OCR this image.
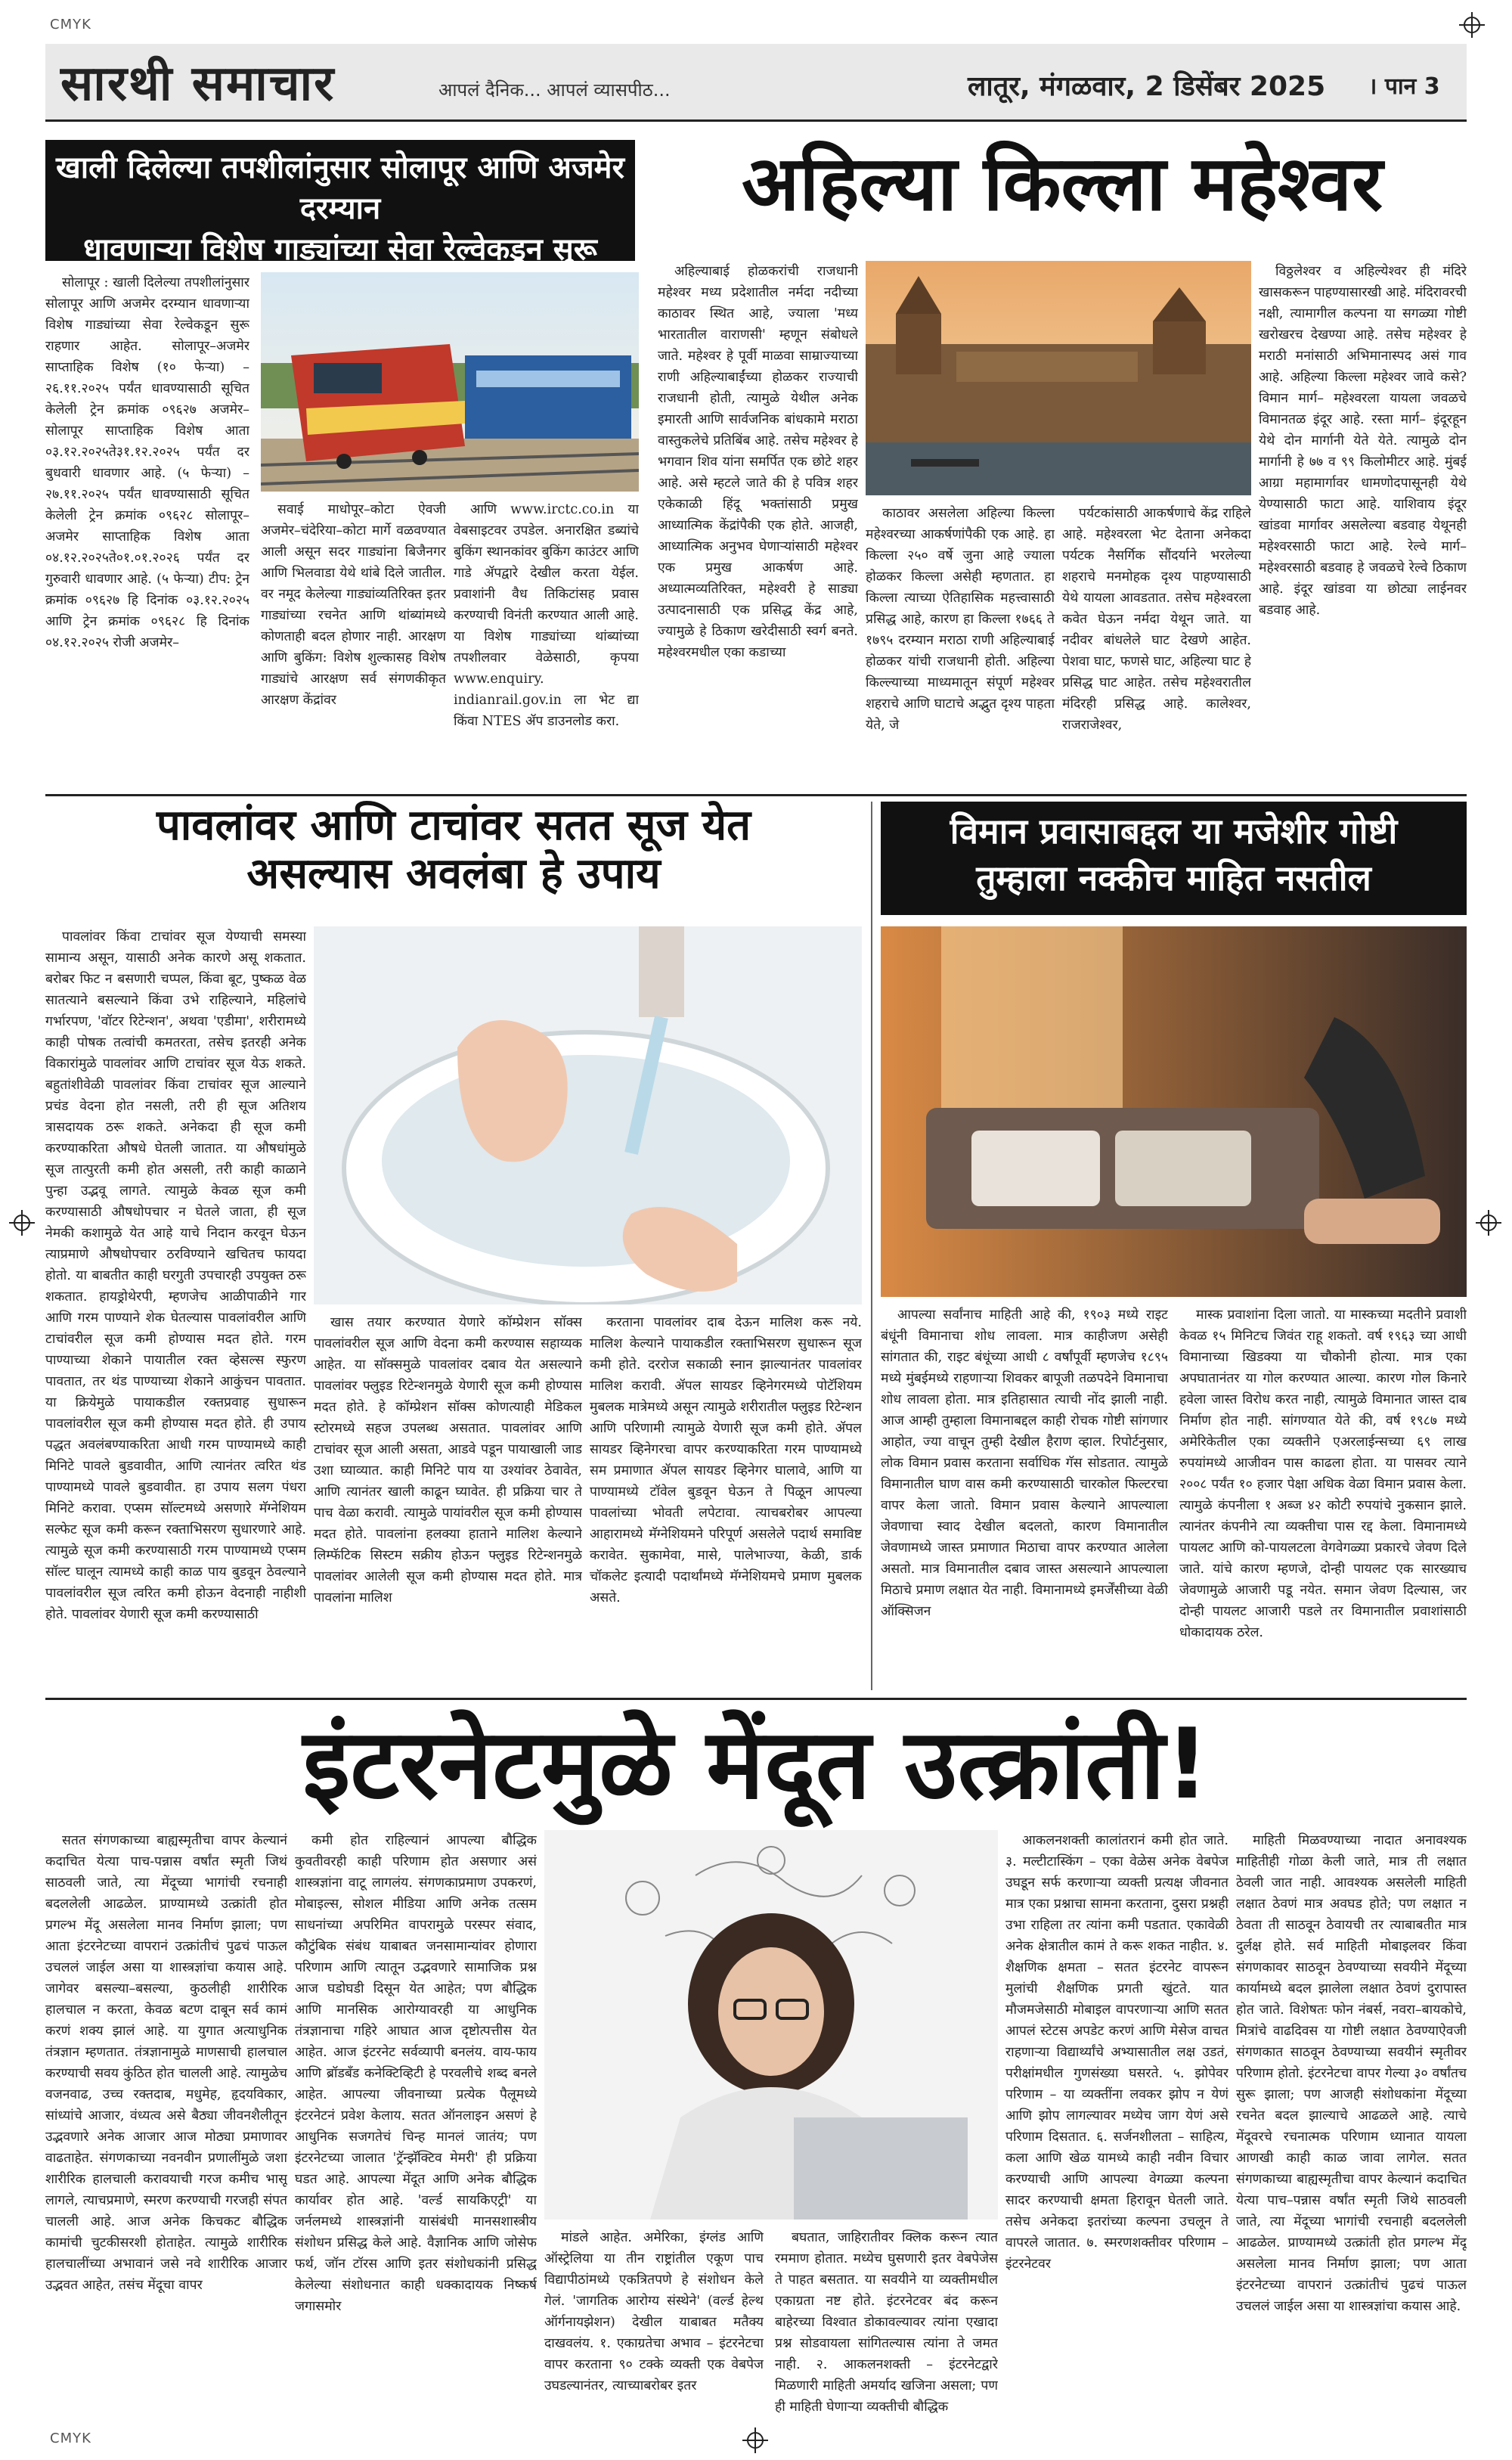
CMYK
CMYK
सारथी समाचार	आपलं दैनिक... आपलं व्यासपीठ...	लातूर, मंगळवार, 2 डिसेंबर 2025 । पान 3
खाली दिलेल्या तपशीलांनुसार सोलापूर आणि अजमेर दरम्यान
धावणाऱ्या विशेष गाड्यांच्या सेवा रेल्वेकडून सुरू

सोलापूर : खाली दिलेल्या तपशीलांनुसार सोलापूर आणि अजमेर दरम्यान धावणाऱ्या विशेष गाड्यांच्या सेवा रेल्वेकडून सुरू राहणार आहेत. सोलापूर–अजमेर साप्ताहिक विशेष (१० फेऱ्या) – २६.११.२०२५ पर्यंत धावण्यासाठी सूचित केलेली ट्रेन क्रमांक ०९६२७ अजमेर–सोलापूर साप्ताहिक विशेष आता ०३.१२.२०२५ते३१.१२.२०२५ पर्यंत दर बुधवारी धावणार आहे. (५ फेऱ्या) – २७.११.२०२५ पर्यंत धावण्यासाठी सूचित केलेली ट्रेन क्रमांक ०९६२८ सोलापूर–अजमेर साप्ताहिक विशेष आता ०४.१२.२०२५ते०१.०१.२०२६ पर्यंत दर गुरुवारी धावणार आहे. (५ फेऱ्या) टीप: ट्रेन क्रमांक ०९६२७ हि दिनांक ०३.१२.२०२५ आणि ट्रेन क्रमांक ०९६२८ हि दिनांक ०४.१२.२०२५ रोजी अजमेर–

सवाई माधोपूर–कोटा ऐवजी अजमेर–चंदेरिया–कोटा मार्गे वळवण्यात आली असून सदर गाड्यांना बिजैनगर आणि भिलवाडा येथे थांबे दिले जातील. वर नमूद केलेल्या गाड्यांव्यतिरिक्त इतर गाड्यांच्या रचनेत आणि थांब्यांमध्ये कोणताही बदल होणार नाही. आरक्षण आणि बुकिंग: विशेष शुल्कासह विशेष गाड्यांचे आरक्षण सर्व संगणकीकृत आरक्षण केंद्रांवर

आणि www.irctc.co.in या वेबसाइटवर उपडेल. अनारक्षित डब्यांचे बुकिंग स्थानकांवर बुकिंग काउंटर आणि गाडे ॲपद्वारे देखील करता येईल. प्रवाशांनी वैध तिकिटांसह प्रवास करण्याची विनंती करण्यात आली आहे. या विशेष गाड्यांच्या थांब्यांच्या तपशीलवार वेळेसाठी, कृपया www.enquiry. indianrail.gov.in ला भेट द्या किंवा NTES ॲप डाउनलोड करा.

अहिल्या किल्ला महेश्वर

अहिल्याबाई होळकरांची राजधानी महेश्वर मध्य प्रदेशातील नर्मदा नदीच्या काठावर स्थित आहे, ज्याला 'मध्य भारतातील वाराणसी' म्हणून संबोधले जाते. महेश्वर हे पूर्वी माळवा साम्राज्याच्या राणी अहिल्याबाईंच्या होळकर राज्याची राजधानी होती, त्यामुळे येथील अनेक इमारती आणि सार्वजनिक बांधकामे मराठा वास्तुकलेचे प्रतिबिंब आहे. तसेच महेश्वर हे भगवान शिव यांना समर्पित एक छोटे शहर आहे. असे म्हटले जाते की हे पवित्र शहर एकेकाळी हिंदू भक्तांसाठी प्रमुख आध्यात्मिक केंद्रांपैकी एक होते. आजही, आध्यात्मिक अनुभव घेणाऱ्यांसाठी महेश्वर एक प्रमुख आकर्षण आहे. अध्यात्मव्यतिरिक्त, महेश्वरी हे साड्या उत्पादनासाठी एक प्रसिद्ध केंद्र आहे, ज्यामुळे हे ठिकाण खरेदीसाठी स्वर्ग बनते. महेश्वरमधील एका कडाच्या

काठावर असलेला अहिल्या किल्ला महेश्वरच्या आकर्षणांपैकी एक आहे. हा किल्ला २५० वर्षे जुना आहे ज्याला होळकर किल्ला असेही म्हणतात. हा किल्ला त्याच्या ऐतिहासिक महत्त्वासाठी प्रसिद्ध आहे, कारण हा किल्ला १७६६ ते १७९५ दरम्यान मराठा राणी अहिल्याबाई होळकर यांची राजधानी होती. अहिल्या किल्ल्याच्या माध्यमातून संपूर्ण महेश्वर शहराचे आणि घाटाचे अद्भुत दृश्य पाहता येते, जे

पर्यटकांसाठी आकर्षणाचे केंद्र राहिले आहे. महेश्वरला भेट देताना अनेकदा पर्यटक नैसर्गिक सौंदर्याने भरलेल्या शहराचे मनमोहक दृश्य पाहण्यासाठी येथे यायला आवडतात. तसेच महेश्वरला कवेत घेऊन नर्मदा येथून जाते. या नदीवर बांधलेले घाट देखणे आहेत. पेशवा घाट, फणसे घाट, अहिल्या घाट हे प्रसिद्ध घाट आहेत. तसेच महेश्वरातील मंदिरही प्रसिद्ध आहे. कालेश्वर, राजराजेश्वर,

विठ्ठलेश्वर व अहिल्येश्वर ही मंदिरे खासकरून पाहण्यासारखी आहे. मंदिरावरची नक्षी, त्यामागील कल्पना या सगळ्या गोष्टी खरोखरच देखण्या आहे. तसेच महेश्वर हे मराठी मनांसाठी अभिमानास्पद असं गाव आहे. अहिल्या किल्ला महेश्वर जावे कसे? विमान मार्ग– महेश्वरला यायला जवळचे विमानतळ इंदूर आहे. रस्ता मार्ग– इंदूरहून येथे दोन मार्गानी येते येते. त्यामुळे दोन मार्गानी हे ७७ व ९९ किलोमीटर आहे. मुंबई आग्रा महामार्गावर धामणोदपासूनही येथे येण्यासाठी फाटा आहे. याशिवाय इंदूर खांडवा मार्गावर असलेल्या बडवाह येथूनही महेश्वरसाठी फाटा आहे. रेल्वे मार्ग– महेश्वरसाठी बडवाह हे जवळचे रेल्वे ठिकाण आहे. इंदूर खांडवा या छोट्या लाईनवर बडवाह आहे.

पावलांवर आणि टाचांवर सतत सूज येत
असल्यास अवलंबा हे उपाय

पावलांवर किंवा टाचांवर सूज येण्याची समस्या सामान्य असून, यासाठी अनेक कारणे असू शकतात. बरोबर फिट न बसणारी चप्पल, किंवा बूट, पुष्कळ वेळ सातत्याने बसल्याने किंवा उभे राहिल्याने, महिलांचे गर्भारपण, 'वॉटर रिटेन्शन', अथवा 'एडीमा', शरीरामध्ये काही पोषक तत्वांची कमतरता, तसेच इतरही अनेक विकारांमुळे पावलांवर आणि टाचांवर सूज येऊ शकते. बहुतांशीवेळी पावलांवर किंवा टाचांवर सूज आल्याने प्रचंड वेदना होत नसली, तरी ही सूज अतिशय त्रासदायक ठरू शकते. अनेकदा ही सूज कमी करण्याकरिता औषधे घेतली जातात. या औषधांमुळे सूज तात्पुरती कमी होत असली, तरी काही काळाने पुन्हा उद्भवू लागते. त्यामुळे केवळ सूज कमी करण्यासाठी औषधोपचार न घेतले जाता, ही सूज नेमकी कशामुळे येत आहे याचे निदान करवून घेऊन त्याप्रमाणे औषधोपचार ठरविण्याने खचितच फायदा होतो. या बाबतीत काही घरगुती उपचारही उपयुक्त ठरू शकतात. हायड्रोथेरपी, म्हणजेच आळीपाळीने गार आणि गरम पाण्याने शेक घेतल्यास पावलांवरील आणि टाचांवरील सूज कमी होण्यास मदत होते. गरम पाण्याच्या शेकाने पायातील रक्त व्हेसल्स स्फुरण पावतात, तर थंड पाण्याच्या शेकाने आकुंचन पावतात. या क्रियेमुळे पायाकडील रक्तप्रवाह सुधारून पावलांवरील सूज कमी होण्यास मदत होते. ही उपाय पद्धत अवलंबण्याकरिता आधी गरम पाण्यामध्ये काही मिनिटे पावले बुडवावीत, आणि त्यानंतर त्वरित थंड पाण्यामध्ये पावले बुडवावीत. हा उपाय सलग पंधरा मिनिटे करावा. एप्सम सॉल्टमध्ये असणारे मॅग्नेशियम सल्फेट सूज कमी करून रक्ताभिसरण सुधारणारे आहे. त्यामुळे सूज कमी करण्यासाठी गरम पाण्यामध्ये एप्सम सॉल्ट घालून त्यामध्ये काही काळ पाय बुडवून ठेवल्याने पावलांवरील सूज त्वरित कमी होऊन वेदनाही नाहीशी होते. पावलांवर येणारी सूज कमी करण्यासाठी

खास तयार करण्यात येणारे कॉम्प्रेशन सॉक्स पावलांवरील सूज आणि वेदना कमी करण्यास सहाय्यक आहेत. या सॉक्समुळे पावलांवर दबाव येत असल्याने पावलांवर फ्लुइड रिटेन्शनमुळे येणारी सूज कमी होण्यास मदत होते. हे कॉम्प्रेशन सॉक्स कोणत्याही मेडिकल स्टोरमध्ये सहज उपलब्ध असतात. पावलांवर आणि टाचांवर सूज आली असता, आडवे पडून पायाखाली जाड उशा घ्याव्यात. काही मिनिटे पाय या उश्यांवर ठेवावेत, आणि त्यानंतर खाली काढून घ्यावेत. ही प्रक्रिया चार ते पाच वेळा करावी. त्यामुळे पायांवरील सूज कमी होण्यास मदत होते. पावलांना हलक्या हाताने मालिश केल्याने लिम्फॅटिक सिस्टम सक्रीय होऊन फ्लुइड रिटेन्शनमुळे पावलांवर आलेली सूज कमी होण्यास मदत होते. मात्र पावलांना मालिश

करताना पावलांवर दाब देऊन मालिश करू नये. मालिश केल्याने पायाकडील रक्ताभिसरण सुधारून सूज कमी होते. दररोज सकाळी स्नान झाल्यानंतर पावलांवर मालिश करावी. ॲपल सायडर व्हिनेगरमध्ये पोटॅशियम मुबलक मात्रेमध्ये असून त्यामुळे शरीरातील फ्लुइड रिटेन्शन आणि परिणामी त्यामुळे येणारी सूज कमी होते. ॲपल सायडर व्हिनेगरचा वापर करण्याकरिता गरम पाण्यामध्ये सम प्रमाणात ॲपल सायडर व्हिनेगर घालावे, आणि या पाण्यामध्ये टॉवेल बुडवून घेऊन ते पिळून आपल्या पावलांच्या भोवती लपेटावा. त्याचबरोबर आपल्या आहारामध्ये मॅग्नेशियमने परिपूर्ण असलेले पदार्थ समाविष्ट करावेत. सुकामेवा, मासे, पालेभाज्या, केळी, डार्क चॉकलेट इत्यादी पदार्थांमध्ये मॅग्नेशियमचे प्रमाण मुबलक असते.

विमान प्रवासाबद्दल या मजेशीर गोष्टी
तुम्हाला नक्कीच माहित नसतील

आपल्या सर्वांनाच माहिती आहे की, १९०३ मध्ये राइट बंधूंनी विमानाचा शोध लावला. मात्र काहीजण असेही सांगतात की, राइट बंधूंच्या आधी ८ वर्षांपूर्वी म्हणजेच १८९५ मध्ये मुंबईमध्ये राहणाऱ्या शिवकर बापूजी तळपदेने विमानाचा शोध लावला होता. मात्र इतिहासात त्याची नोंद झाली नाही. आज आम्ही तुम्हाला विमानाबद्दल काही रोचक गोष्टी सांगणार आहोत, ज्या वाचून तुम्ही देखील हैराण व्हाल. रिपोर्टनुसार, लोक विमान प्रवास करताना सर्वाधिक गॅस सोडतात. त्यामुळे विमानातील घाण वास कमी करण्यासाठी चारकोल फिल्टरचा वापर केला जातो. विमान प्रवास केल्याने आपल्याला जेवणाचा स्वाद देखील बदलतो, कारण विमानातील जेवणामध्ये जास्त प्रमाणात मिठाचा वापर करण्यात आलेला असतो. मात्र विमानातील दबाव जास्त असल्याने आपल्याला मिठाचे प्रमाण लक्षात येत नाही. विमानामध्ये इमर्जेंसीच्या वेळी ऑक्सिजन

मास्क प्रवाशांना दिला जातो. या मास्कच्या मदतीने प्रवाशी केवळ १५ मिनिटच जिवंत राहू शकतो. वर्ष १९६३ च्या आधी विमानाच्या खिडक्या या चौकोनी होत्या. मात्र एका अपघातानंतर या गोल करण्यात आल्या. कारण गोल किनारे हवेला जास्त विरोध करत नाही, त्यामुळे विमानात जास्त दाब निर्माण होत नाही. सांगण्यात येते की, वर्ष १९८७ मध्ये अमेरिकेतील एका व्यक्तीने एअरलाईन्सच्या ६९ लाख रुपयांमध्ये आजीवन पास काढला होता. या पासवर त्याने २००८ पर्यंत १० हजार पेक्षा अधिक वेळा विमान प्रवास केला. त्यामुळे कंपनीला १ अब्ज ४२ कोटी रुपयांचे नुकसान झाले. त्यानंतर कंपनीने त्या व्यक्तीचा पास रद्द केला. विमानामध्ये पायलट आणि को-पायलटला वेगवेगळ्या प्रकारचे जेवण दिले जाते. यांचे कारण म्हणजे, दोन्ही पायलट एक सारख्याच जेवणामुळे आजारी पडू नयेत. समान जेवण दिल्यास, जर दोन्ही पायलट आजारी पडले तर विमानातील प्रवाशांसाठी धोकादायक ठरेल.

इंटरनेटमुळे मेंदूत उत्क्रांती!

सतत संगणकाच्या बाह्यस्मृतीचा वापर केल्यानं कदाचित येत्या पाच-पन्नास वर्षांत स्मृती जिथं साठवली जाते, त्या मेंदूच्या भागांची रचनाही बदललेली आढळेल. प्राण्यामध्ये उत्क्रांती होत प्रगल्भ मेंदू असलेला मानव निर्माण झाला; पण आता इंटरनेटच्या वापरानं उत्क्रांतीचं पुढचं पाऊल उचललं जाईल असा या शास्त्रज्ञांचा कयास आहे. जागेवर बसल्या–बसल्या, कुठलीही शारीरिक हालचाल न करता, केवळ बटण दाबून सर्व कामं करणं शक्य झालं आहे. या युगात अत्याधुनिक तंत्रज्ञान म्हणतात. तंत्रज्ञानामुळे माणसाची हालचाल करण्याची सवय कुंठित होत चालली आहे. त्यामुळेच वजनवाढ, उच्च रक्तदाब, मधुमेह, हृदयविकार, सांध्यांचे आजार, वंध्यत्व असे बैठ्या जीवनशैलीतून उद्भवणारे अनेक आजार आज मोठ्या प्रमाणावर वाढताहेत. संगणकाच्या नवनवीन प्रणालींमुळे जशा शारीरिक हालचाली करावयाची गरज कमीच भासू लागले, त्याचप्रमाणे, स्मरण करण्याची गरजही संपत चालली आहे. आज अनेक किचकट बौद्धिक कामांची चुटकीसरशी होताहेत. त्यामुळे शारीरिक हालचालींच्या अभावानं जसे नवे शारीरिक आजार उद्भवत आहेत, तसंच मेंदूचा वापर

कमी होत राहिल्यानं आपल्या बौद्धिक कुवतीवरही काही परिणाम होत असणार असं शास्त्रज्ञांना वाटू लागलंय. संगणकाप्रमाण उपकरणं, मोबाइल्स, सोशल मीडिया आणि अनेक तत्सम साधनांच्या अपरिमित वापरामुळे परस्पर संवाद, कौटुंबिक संबंध याबाबत जनसामान्यांवर होणारा परिणाम आणि त्यातून उद्भवणारे सामाजिक प्रश्न आज घडोघडी दिसून येत आहेत; पण बौद्धिक आणि मानसिक आरोग्यावरही या आधुनिक तंत्रज्ञानाचा गहिरे आघात आज दृष्टोत्पत्तीस येत आहेत. आज इंटरनेट सर्वव्यापी बनलंय. वाय-फाय आणि ब्रॉडबँड कनेक्टिव्हिटी हे परवलीचे शब्द बनले आहेत. आपल्या जीवनाच्या प्रत्येक पैलूमध्ये इंटरनेटनं प्रवेश केलाय. सतत ऑनलाइन असणं हे आधुनिक सजगतेचं चिन्ह मानलं जातंय; पण इंटरनेटच्या जालात 'ट्रॅन्झॅक्टिव मेमरी' ही प्रक्रिया घडत आहे. आपल्या मेंदूत आणि अनेक बौद्धिक कार्यावर होत आहे. 'वर्ल्ड सायकिएट्री' या जर्नलमध्ये शास्त्रज्ञांनी यासंबंधी मानसशास्त्रीय संशोधन प्रसिद्ध केले आहे. वैज्ञानिक आणि जोसेफ फर्थ, जॉन टॉरस आणि इतर संशोधकांनी प्रसिद्ध केलेल्या संशोधनात काही धक्कादायक निष्कर्ष जगासमोर

मांडले आहेत. अमेरिका, इंग्लंड आणि ऑस्ट्रेलिया या तीन राष्ट्रांतील एकूण पाच विद्यापीठांमध्ये एकत्रितपणे हे संशोधन केले गेलं. 'जागतिक आरोग्य संस्थेने' (वर्ल्ड हेल्थ ऑर्गनायझेशन) देखील याबाबत मतैक्य दाखवलंय. १. एकाग्रतेचा अभाव – इंटरनेटचा वापर करताना ९० टक्के व्यक्ती एक वेबपेज उघडल्यानंतर, त्याच्याबरोबर इतर

बघतात, जाहिरातीवर क्लिक करून त्यात रममाण होतात. मध्येच घुसणारी इतर वेबपेजेस ते पाहत बसतात. या सवयीने या व्यक्तीमधील एकाग्रता नष्ट होते. इंटरनेटवर बंद करून बाहेरच्या विश्वात डोकावल्यावर त्यांना एखादा प्रश्न सोडवायला सांगितल्यास त्यांना ते जमत नाही. २. आकलनशक्ती – इंटरनेटद्वारे मिळणारी माहिती अमर्याद खजिना असला; पण ही माहिती घेणाऱ्या व्यक्तीची बौद्धिक

आकलनशक्ती कालांतरानं कमी होत जाते. ३. मल्टीटास्किंग – एका वेळेस अनेक वेबपेज उघडून सर्फ करणाऱ्या व्यक्ती प्रत्यक्ष जीवनात मात्र एका प्रश्नाचा सामना करताना, दुसरा प्रश्नही उभा राहिला तर त्यांना कमी पडतात. एकावेळी अनेक क्षेत्रातील कामं ते करू शकत नाहीत. ४. शैक्षणिक क्षमता – सतत इंटरनेट वापरून मुलांची शैक्षणिक प्रगती खुंटते. यात मौजमजेसाठी मोबाइल वापरणाऱ्या आणि सतत आपलं स्टेटस अपडेट करणं आणि मेसेज वाचत राहणाऱ्या विद्यार्थ्यांचे अभ्यासातील लक्ष उडतं, परीक्षांमधील गुणसंख्या घसरते. ५. झोपेवर परिणाम – या व्यक्तींना लवकर झोप न येणं आणि झोप लागल्यावर मध्येच जाग येणं असे परिणाम दिसतात. ६. सर्जनशीलता – साहित्य, कला आणि खेळ यामध्ये काही नवीन विचार करण्याची आणि आपल्या वेगळ्या कल्पना सादर करण्याची क्षमता हिरावून घेतली जाते. तसेच अनेकदा इतरांच्या कल्पना उचलून ते वापरले जातात. ७. स्मरणशक्तीवर परिणाम – इंटरनेटवर

माहिती मिळवण्याच्या नादात अनावश्यक माहितीही गोळा केली जाते, मात्र ती लक्षात ठेवली जात नाही. आवश्यक असलेली माहिती लक्षात ठेवणं मात्र अवघड होते; पण लक्षात न ठेवता ती साठवून ठेवायची तर त्याबाबतीत मात्र दुर्लक्ष होते. सर्व माहिती मोबाइलवर किंवा संगणकावर साठवून ठेवण्याच्या सवयीने मेंदूच्या कार्यामध्ये बदल झालेला लक्षात ठेवणं दुरापास्त होत जाते. विशेषतः फोन नंबर्स, नवरा–बायकोचे, मित्रांचे वाढदिवस या गोष्टी लक्षात ठेवण्याऐवजी संगणकात साठवून ठेवण्याच्या सवयीनं स्मृतीवर परिणाम होतो. इंटरनेटचा वापर गेल्या ३० वर्षांतच सुरू झाला; पण आजही संशोधकांना मेंदूच्या रचनेत बदल झाल्याचे आढळले आहे. त्याचे मेंदूवरचे रचनात्मक परिणाम ध्यानात यायला आणखी काही काळ जावा लागेल. सतत संगणकाच्या बाह्यस्मृतीचा वापर केल्यानं कदाचित येत्या पाच–पन्नास वर्षांत स्मृती जिथे साठवली जाते, त्या मेंदूच्या भागांची रचनाही बदललेली आढळेल. प्राण्यामध्ये उत्क्रांती होत प्रगल्भ मेंदू असलेला मानव निर्माण झाला; पण आता इंटरनेटच्या वापरानं उत्क्रांतीचं पुढचं पाऊल उचललं जाईल असा या शास्त्रज्ञांचा कयास आहे.
